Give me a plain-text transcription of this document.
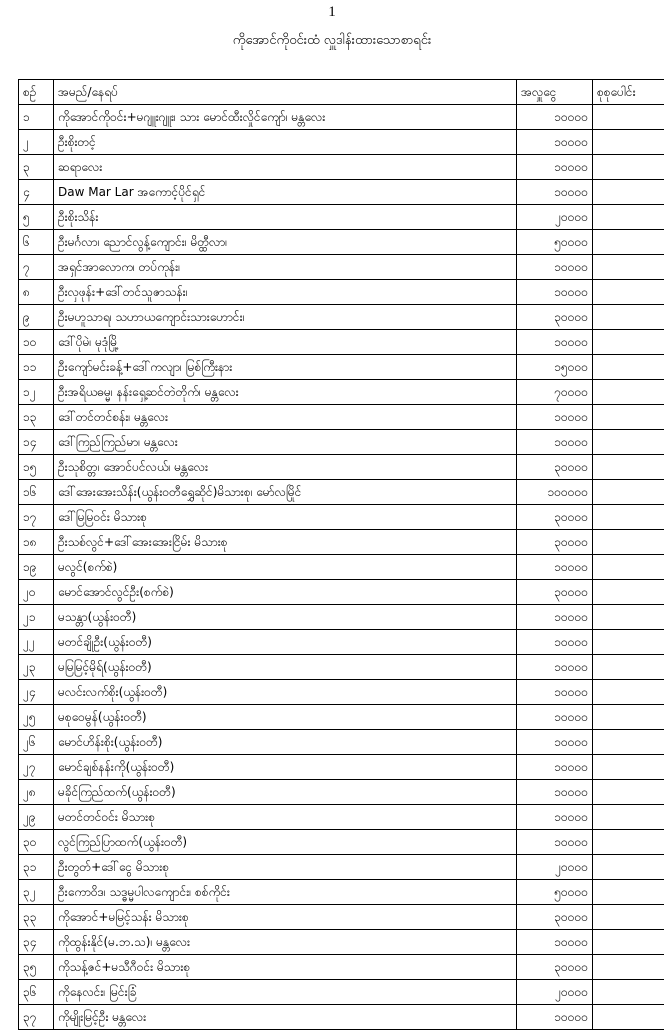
1
ကိုအောင်ကိုဝင်းထံ လှူဒါန်းထားသောစာရင်း
စဉ်	အမည်/နေရပ်	အလှူငွေ	စုစုပေါင်း
၁	ကိုအောင်ကိုဝင်း+မဂျူးဂျူး၊ သား မောင်ထီးလှိုင်ကျော်၊ မန္တလေး	၁၀၀၀၀	
၂	ဦးစိုးတင့်	၁၀၀၀၀	
၃	ဆရာလေး	၁၀၀၀၀	
၄	Daw Mar Lar အကောင့်ပိုင်ရှင်	၁၀၀၀၀	
၅	ဦးစိုးသိန်း	၂၀၀၀၀	
၆	ဦးမင်္ဂလာ၊ ညောင်လွန့်ကျောင်း၊ မိတ္ထီလာ၊	၅၀၀၀၀	
၇	အရှင်အာလောက၊ တပ်ကုန်း၊	၁၀၀၀၀	
၈	ဦးလှဖုန်း+ဒေါ်တင်သူဇာသန်း၊	၁၀၀၀၀	
၉	ဦးမဟူသာရ၊ သဟာယကျောင်းသားဟောင်း၊	၃၀၀၀၀	
၁၀	ဒေါ်ပိုမဲ၊ မုဒုံမြို့	၁၀၀၀၀	
၁၁	ဦးကျော်မင်းခန့်+ဒေါ်ကလျာ၊ မြစ်ကြီးနား	၁၅၀၀၀	
၁၂	ဦးအရိယဓမ္မ၊ နန်းရှေ့ဆင်တဲတိုက်၊ မန္တလေး	၇၀၀၀၀	
၁၃	ဒေါ်တင်တင်စန်း၊ မန္တလေး	၁၀၀၀၀	
၁၄	ဒေါ်ကြည်ကြည်မာ၊ မန္တလေး	၁၀၀၀၀	
၁၅	ဦးသုစိတ္တ၊ အောင်ပင်လယ်၊ မန္တလေး	၃၀၀၀၀	
၁၆	ဒေါ်အေးအေးသိန်း(ယွန်းဝတီရွှေဆိုင်)မိသားစု၊ မော်လမြိုင်	၁၀၀၀၀၀	
၁၇	ဒေါ်မြမြဝင်း မိသားစု	၃၀၀၀၀	
၁၈	ဦးသစ်လွင်+ဒေါ်အေးအေးငြိမ်း မိသားစု	၃၀၀၀၀	
၁၉	မလွင်(စက်စဲ)	၁၀၀၀၀	
၂၀	မောင်အောင်လွင်ဦး(စက်စဲ)	၃၀၀၀၀	
၂၁	မသန္တာ(ယွန်းဝတီ)	၁၀၀၀၀	
၂၂	မတင်ချိုဦး(ယွန်းဝတီ)	၁၀၀၀၀	
၂၃	မမြမြင့်မိုရ်(ယွန်းဝတီ)	၁၀၀၀၀	
၂၄	မလင်းလက်စိုး(ယွန်းဝတီ)	၁၀၀၀၀	
၂၅	မစုဝေမွန်(ယွန်းဝတီ)	၁၀၀၀၀	
၂၆	မောင်ဟိန်းစိုး(ယွန်းဝတီ)	၁၀၀၀၀	
၂၇	မောင်ချစ်နန်းကို(ယွန်းဝတီ)	၁၀၀၀၀	
၂၈	မခိုင်ကြည်ထက်(ယွန်းဝတီ)	၁၀၀၀၀	
၂၉	မတင်တင်ဝင်း မိသားစု	၁၀၀၀၀	
၃၀	လွင်ကြည်ပြာထက်(ယွန်းဝတီ)	၁၀၀၀၀	
၃၁	ဦးတွတ်+ဒေါ်ငွေ မိသားစု	၂၀၀၀၀	
၃၂	ဦးကောဝိဒ၊ သဒ္ဓမ္မပါလကျောင်း၊ စစ်ကိုင်း	၅၀၀၀၀	
၃၃	ကိုအောင်+မမြင့်သန်း မိသားစု	၃၀၀၀၀	
၃၄	ကိုထွန်းနိုင်(မ.ဘ.သ)၊ မန္တလေး	၁၀၀၀၀	
၃၅	ကိုသန့်ဇင်+မသီဂီဝင်း မိသားစု	၃၀၀၀၀	
၃၆	ကိုနေလင်း၊ မြင်းခြံ	၂၀၀၀၀	
၃၇	ကိုမျိုးမြင့်ဦး မန္တလေး	၁၀၀၀၀	
